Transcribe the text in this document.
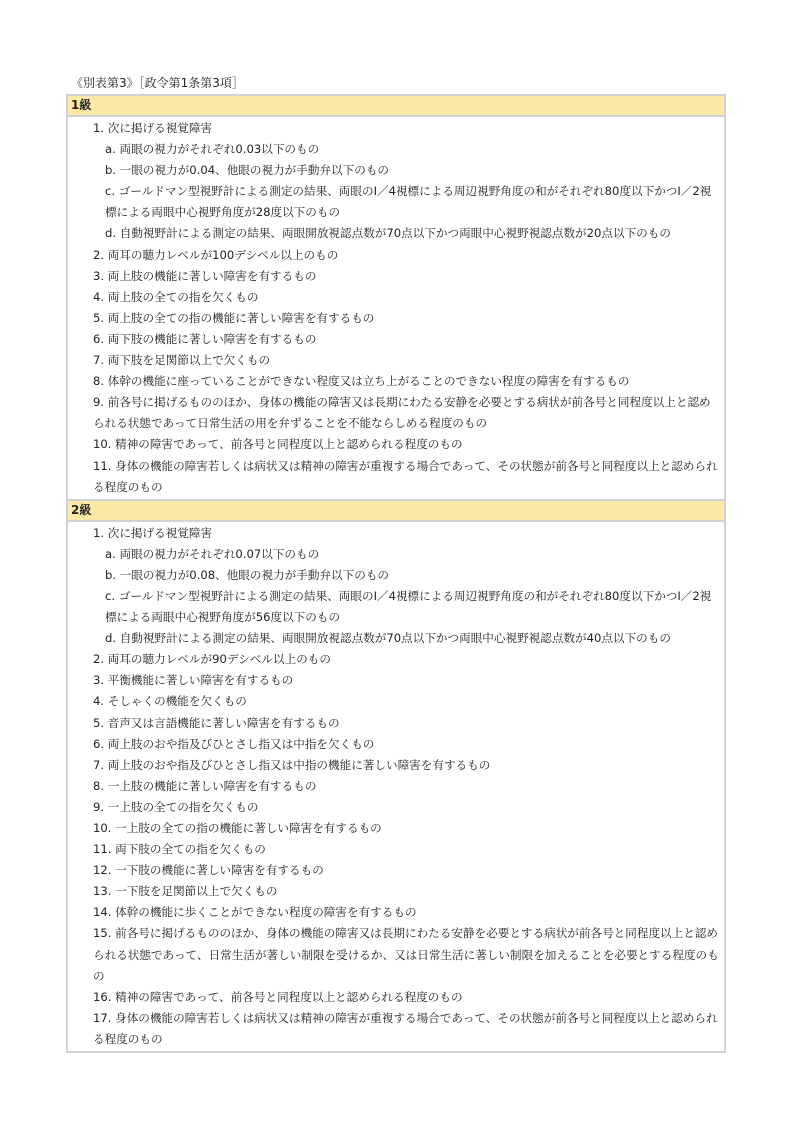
《別表第3》［政令第1条第3項］
1級

1. 次に掲げる視覚障害
a. 両眼の視力がそれぞれ0.03以下のもの
b. 一眼の視力が0.04、他眼の視力が手動弁以下のもの
c. ゴールドマン型視野計による測定の結果、両眼のⅠ／4視標による周辺視野角度の和がそれぞれ80度以下かつⅠ／2視標による両眼中心視野角度が28度以下のもの
d. 自動視野計による測定の結果、両眼開放視認点数が70点以下かつ両眼中心視野視認点数が20点以下のもの
2. 両耳の聴力レベルが100デシベル以上のもの
3. 両上肢の機能に著しい障害を有するもの
4. 両上肢の全ての指を欠くもの
5. 両上肢の全ての指の機能に著しい障害を有するもの
6. 両下肢の機能に著しい障害を有するもの
7. 両下肢を足関節以上で欠くもの
8. 体幹の機能に座っていることができない程度又は立ち上がることのできない程度の障害を有するもの
9. 前各号に掲げるもののほか、身体の機能の障害又は長期にわたる安静を必要とする病状が前各号と同程度以上と認められる状態であって日常生活の用を弁ずることを不能ならしめる程度のもの
10. 精神の障害であって、前各号と同程度以上と認められる程度のもの
11. 身体の機能の障害若しくは病状又は精神の障害が重複する場合であって、その状態が前各号と同程度以上と認められる程度のもの

2級

1. 次に掲げる視覚障害
a. 両眼の視力がそれぞれ0.07以下のもの
b. 一眼の視力が0.08、他眼の視力が手動弁以下のもの
c. ゴールドマン型視野計による測定の結果、両眼のⅠ／4視標による周辺視野角度の和がそれぞれ80度以下かつⅠ／2視標による両眼中心視野角度が56度以下のもの
d. 自動視野計による測定の結果、両眼開放視認点数が70点以下かつ両眼中心視野視認点数が40点以下のもの
2. 両耳の聴力レベルが90デシベル以上のもの
3. 平衡機能に著しい障害を有するもの
4. そしゃくの機能を欠くもの
5. 音声又は言語機能に著しい障害を有するもの
6. 両上肢のおや指及びひとさし指又は中指を欠くもの
7. 両上肢のおや指及びひとさし指又は中指の機能に著しい障害を有するもの
8. 一上肢の機能に著しい障害を有するもの
9. 一上肢の全ての指を欠くもの
10. 一上肢の全ての指の機能に著しい障害を有するもの
11. 両下肢の全ての指を欠くもの
12. 一下肢の機能に著しい障害を有するもの
13. 一下肢を足関節以上で欠くもの
14. 体幹の機能に歩くことができない程度の障害を有するもの
15. 前各号に掲げるもののほか、身体の機能の障害又は長期にわたる安静を必要とする病状が前各号と同程度以上と認められる状態であって、日常生活が著しい制限を受けるか、又は日常生活に著しい制限を加えることを必要とする程度のもの
16. 精神の障害であって、前各号と同程度以上と認められる程度のもの
17. 身体の機能の障害若しくは病状又は精神の障害が重複する場合であって、その状態が前各号と同程度以上と認められる程度のもの
